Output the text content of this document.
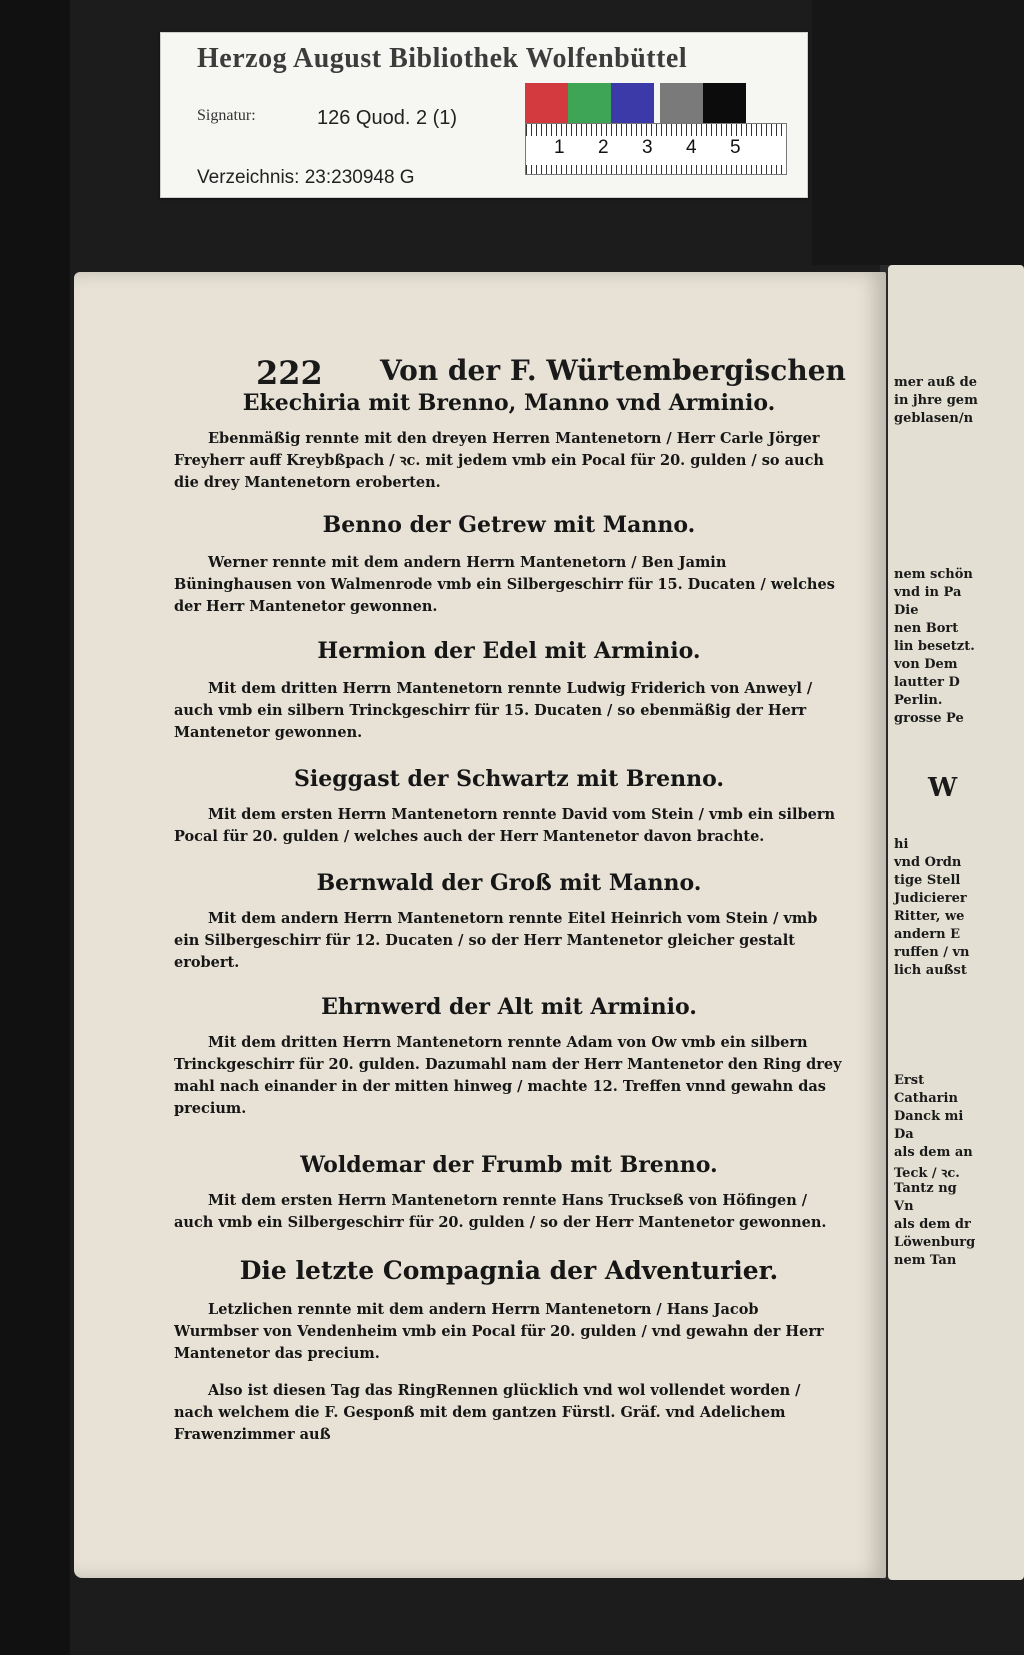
Herzog August Bibliothek Wolfenbüttel
Signatur:	126 Quod. 2 (1)
Verzeichnis: 23:230948 G
1	2	3	4	5
222 Von der F. Würtembergischen

Ekechiria mit Brenno, Manno vnd Arminio.

Ebenmäßig rennte mit den dreyen Herren Mantenetorn / Herr Carle Jörger Freyherr auff Kreybßpach / ꝛc. mit jedem vmb ein Pocal für 20. gulden / so auch die drey Mantenetorn eroberten.

Benno der Getrew mit Manno.

Werner rennte mit dem andern Herrn Mantenetorn / Ben Jamin Büninghausen von Walmenrode vmb ein Silbergeschirr für 15. Ducaten / welches der Herr Mantenetor gewonnen.

Hermion der Edel mit Arminio.

Mit dem dritten Herrn Mantenetorn rennte Ludwig Friderich von Anweyl / auch vmb ein silbern Trinckgeschirr für 15. Ducaten / so ebenmäßig der Herr Mantenetor gewonnen.

Sieggast der Schwartz mit Brenno.

Mit dem ersten Herrn Mantenetorn rennte David vom Stein / vmb ein silbern Pocal für 20. gulden / welches auch der Herr Mantenetor davon brachte.

Bernwald der Groß mit Manno.

Mit dem andern Herrn Mantenetorn rennte Eitel Heinrich vom Stein / vmb ein Silbergeschirr für 12. Ducaten / so der Herr Mantenetor gleicher gestalt erobert.

Ehrnwerd der Alt mit Arminio.

Mit dem dritten Herrn Mantenetorn rennte Adam von Ow vmb ein silbern Trinckgeschirr für 20. gulden. Dazumahl nam der Herr Mantenetor den Ring drey mahl nach einander in der mitten hinweg / machte 12. Treffen vnnd gewahn das precium.

Woldemar der Frumb mit Brenno.

Mit dem ersten Herrn Mantenetorn rennte Hans Truckseß von Höfingen / auch vmb ein Silbergeschirr für 20. gulden / so der Herr Mantenetor gewonnen.

Die letzte Compagnia der Adventurier.

Letzlichen rennte mit dem andern Herrn Mantenetorn / Hans Jacob Wurmbser von Vendenheim vmb ein Pocal für 20. gulden / vnd gewahn der Herr Mantenetor das precium.

Also ist diesen Tag das RingRennen glücklich vnd wol vollendet worden / nach welchem die F. Gesponß mit dem gantzen Fürstl. Gräf. vnd Adelichem Frawenzimmer auß

mer auß de
in jhre gem
geblasen/n
nem schön
vnd in Pa
Die
nen Bort
lin besetzt.
von Dem
lautter D
Perlin.
grosse Pe
W
hi
vnd Ordn
tige Stell
Judicierer
Ritter, we
andern E
ruffen / vn
lich außst
Erst
Catharin
Danck mi
Da
als dem an
Teck / ꝛc.
Tantz ng
Vn
als dem dr
Löwenburg
nem Tan
